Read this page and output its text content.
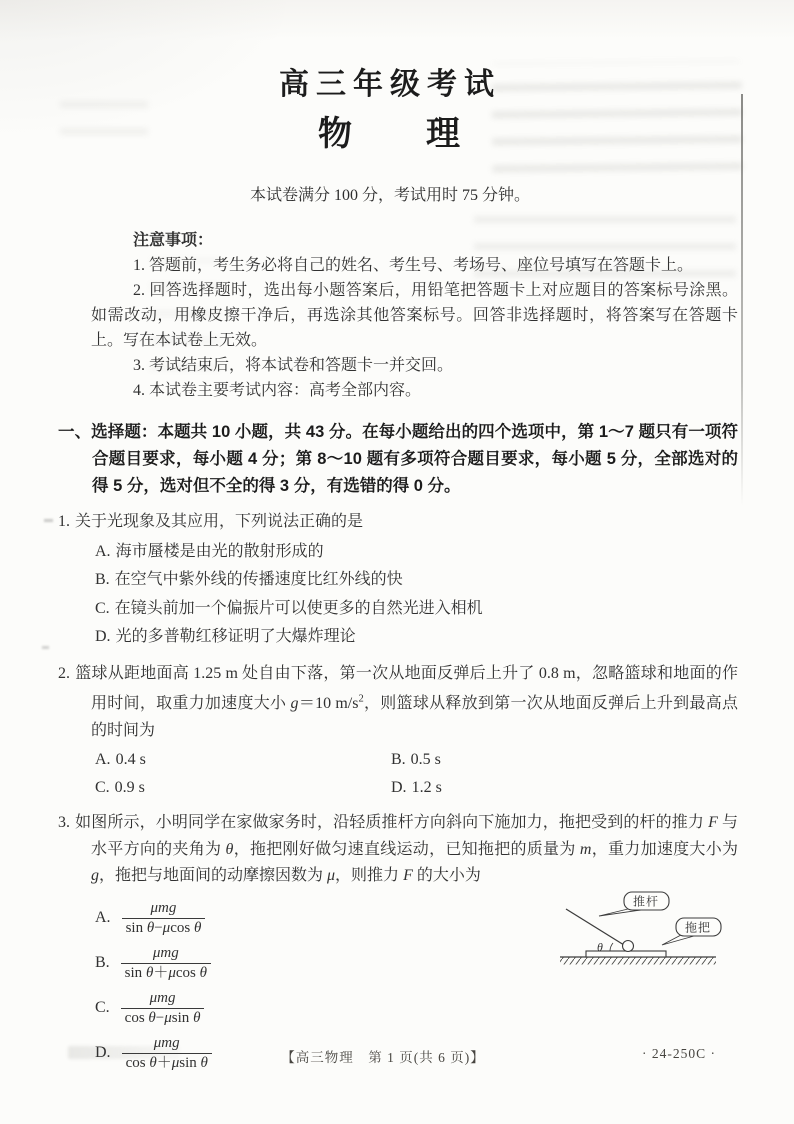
高三年级考试
物　　理

本试卷满分 100 分，考试用时 75 分钟。

注意事项：

1. 答题前，考生务必将自己的姓名、考生号、考场号、座位号填写在答题卡上。

2. 回答选择题时，选出每小题答案后，用铅笔把答题卡上对应题目的答案标号涂黑。如需改动，用橡皮擦干净后，再选涂其他答案标号。回答非选择题时，将答案写在答题卡上。写在本试卷上无效。

3. 考试结束后，将本试卷和答题卡一并交回。

4. 本试卷主要考试内容：高考全部内容。

一、选择题：本题共 10 小题，共 43 分。在每小题给出的四个选项中，第 1～7 题只有一项符合题目要求，每小题 4 分；第 8～10 题有多项符合题目要求，每小题 5 分，全部选对的得 5 分，选对但不全的得 3 分，有选错的得 0 分。

1. 关于光现象及其应用，下列说法正确的是

A. 海市蜃楼是由光的散射形成的

B. 在空气中紫外线的传播速度比红外线的快

C. 在镜头前加一个偏振片可以使更多的自然光进入相机

D. 光的多普勒红移证明了大爆炸理论

2. 篮球从距地面高 1.25 m 处自由下落，第一次从地面反弹后上升了 0.8 m，忽略篮球和地面的作用时间，取重力加速度大小 g＝10 $m/s^2$，则篮球从释放到第一次从地面反弹后上升到最高点的时间为

A. 0.4 s	B. 0.5 s

C. 0.9 s	D. 1.2 s

3. 如图所示，小明同学在家做家务时，沿轻质推杆方向斜向下施加力，拖把受到的杆的推力 F 与水平方向的夹角为 θ，拖把刚好做匀速直线运动，已知拖把的质量为 m，重力加速度大小为 g，拖把与地面间的动摩擦因数为 μ，则推力 F 的大小为

A. $\frac{\text{μmg}}{\text{sin θ−μcos θ}}$
B. $\frac{\text{μmg}}{\text{sin θ＋μcos θ}}$
C. $\frac{\text{μmg}}{\text{cos θ−μsin θ}}$
D. $\frac{\text{μmg}}{\text{cos θ＋μsin θ}}$
θ
推杆
拖把
【高三物理　第 1 页(共 6 页)】	· 24-250C ·
